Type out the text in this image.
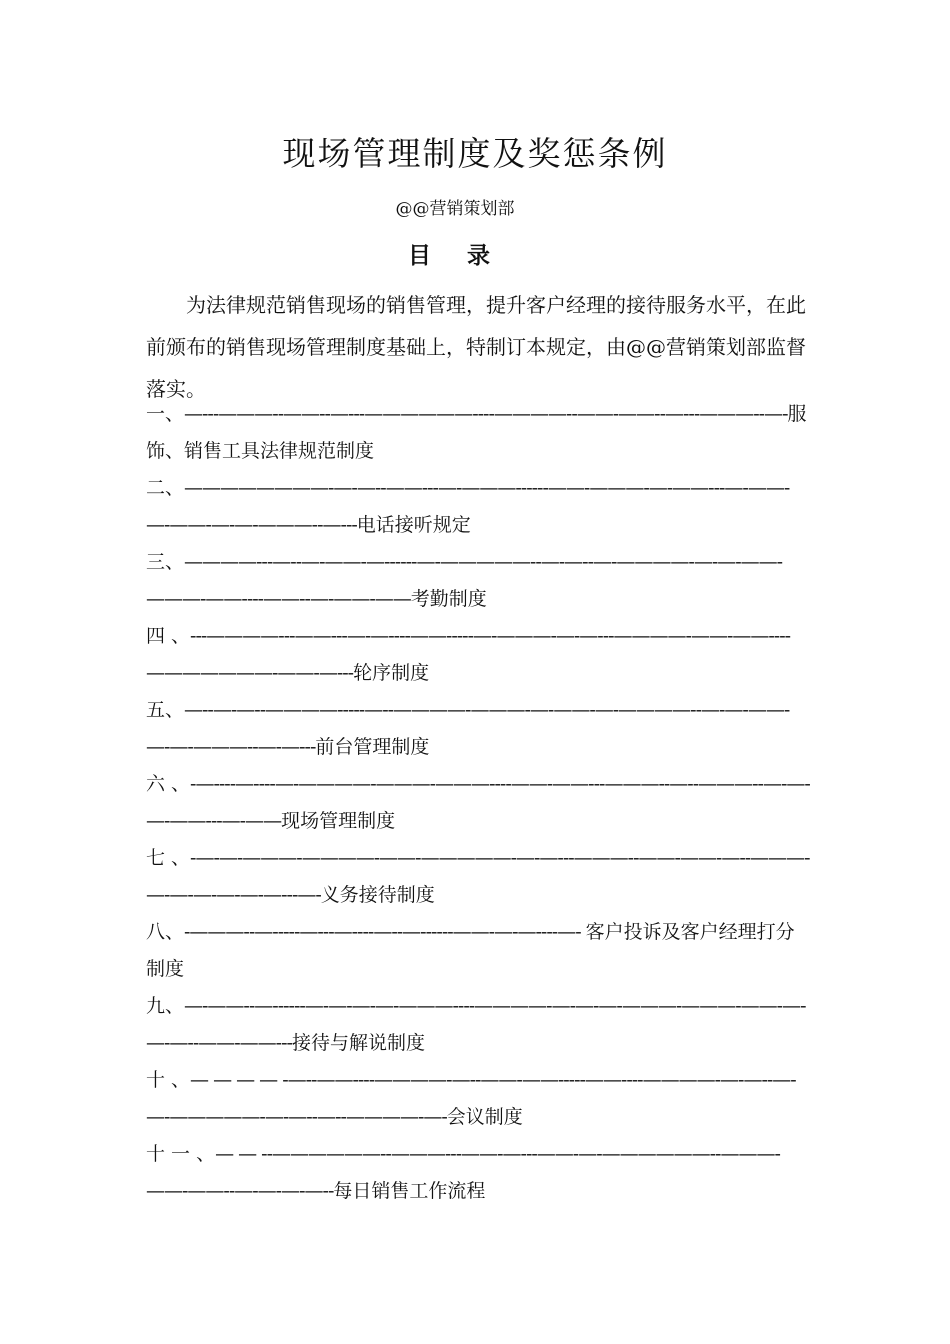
现场管理制度及奖惩条例
@@营销策划部
目 录

为法律规范销售现场的销售管理，提升客户经理的接待服务水平，在此前颁布的销售现场管理制度基础上，特制订本规定，由@@营销策划部监督落实。

一、—---———--——--—---——————----————--——-——--—---———--—-服饰、销售工具法律规范制度
二、————————-—-—--——---—-———------——-———-—-——---—-——-—-——-—-—-———--—---电话接听规定
三、————---—--—-——-—------—-—————--—-—--—-————-—-—-——-———-——----——--—-——-——考勤制度
四 、---————---——---—-—----——-----—-———-—-—---————-——-——----———————-——-—---轮序制度
五、—--—-—--————-----—--————-———-—-——-—-————--—-—-——-—-—-———--—-—---前台管理制度
六 、-—----—----—-————-———-———----——-——---———--—--———--—-—-—-——---—-——现场管理制度
七 、-—-—-———-————-——-—————-—-—---———--——-——-—--———-—-—-—-—-—-—---—-义务接待制度
八、-———--—-----—---—----—--—------——-—-—----—- 客户投诉及客户经理打分制度
九、—-——--—------—-—-—-—-———----————-—-—-—-———-———-——-—-—-—--——-——---接待与解说制度
十 、— — — — -—--——----————-—--——-——-----——----————-—-—--—-—-—————-—-—--—--————-—-会议制度
十 一 、— — --——————--———---——-—---——-—-——————--———-——-——--—-—-—-—--每日销售工作流程
